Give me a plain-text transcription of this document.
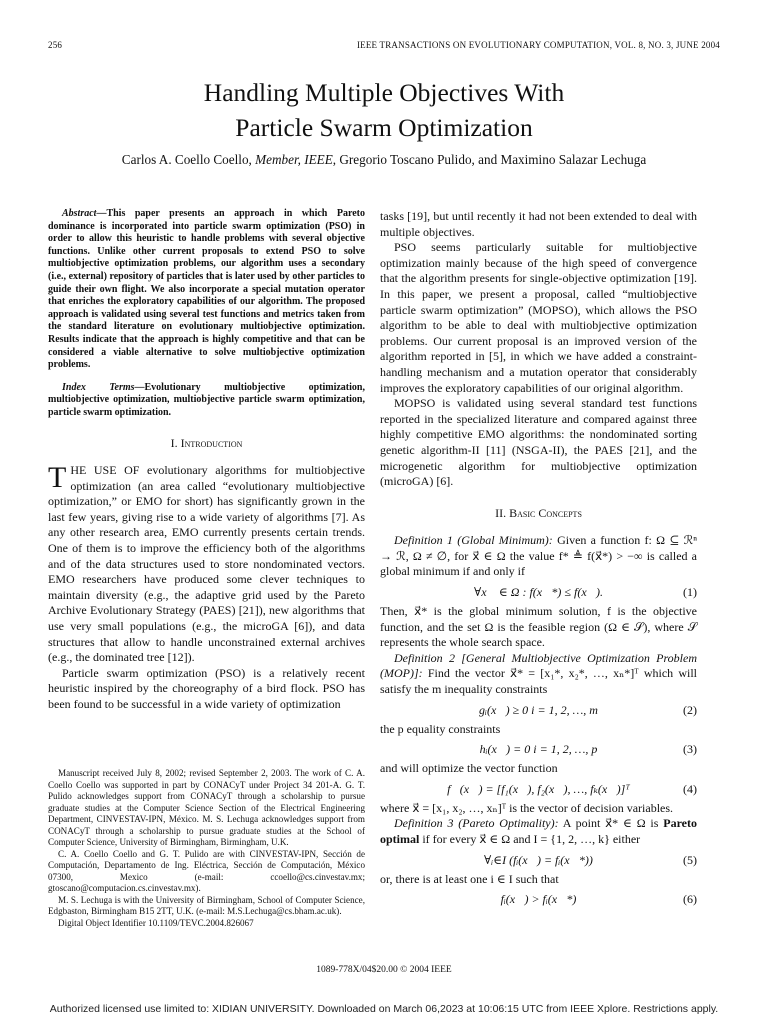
256	IEEE TRANSACTIONS ON EVOLUTIONARY COMPUTATION, VOL. 8, NO. 3, JUNE 2004
Handling Multiple Objectives With
Particle Swarm Optimization
Carlos A. Coello Coello, Member, IEEE, Gregorio Toscano Pulido, and Maximino Salazar Lechuga

Abstract—This paper presents an approach in which Pareto dominance is incorporated into particle swarm optimization (PSO) in order to allow this heuristic to handle problems with several objective functions. Unlike other current proposals to extend PSO to solve multiobjective optimization problems, our algorithm uses a secondary (i.e., external) repository of particles that is later used by other particles to guide their own flight. We also incorporate a special mutation operator that enriches the exploratory capabilities of our algorithm. The proposed approach is validated using several test functions and metrics taken from the standard literature on evolutionary multiobjective optimization. Results indicate that the approach is highly competitive and that can be considered a viable alternative to solve multiobjective optimization problems.

Index Terms—Evolutionary multiobjective optimization, multiobjective optimization, multiobjective particle swarm optimization, particle swarm optimization.

I. Introduction

THE USE OF evolutionary algorithms for multiobjective optimization (an area called “evolutionary multiobjective optimization,” or EMO for short) has significantly grown in the last few years, giving rise to a wide variety of algorithms [7]. As any other research area, EMO currently presents certain trends. One of them is to improve the efficiency both of the algorithms and of the data structures used to store nondominated vectors. EMO researchers have produced some clever techniques to maintain diversity (e.g., the adaptive grid used by the Pareto Archive Evolutionary Strategy (PAES) [21]), new algorithms that use very small populations (e.g., the microGA [6]), and data structures that allow to handle unconstrained external archives (e.g., the dominated tree [12]).

Particle swarm optimization (PSO) is a relatively recent heuristic inspired by the choreography of a bird flock. PSO has been found to be successful in a wide variety of optimization

Manuscript received July 8, 2002; revised September 2, 2003. The work of C. A. Coello Coello was supported in part by CONACyT under Project 34 201-A. G. T. Pulido acknowledges support from CONACyT through a scholarship to pursue graduate studies at the Computer Science Section of the Electrical Engineering Department, CINVESTAV-IPN, México. M. S. Lechuga acknowledges support from CONACyT through a scholarship to pursue graduate studies at the School of Computer Science, University of Birmingham, Birmingham, U.K.

C. A. Coello Coello and G. T. Pulido are with CINVESTAV-IPN, Sección de Computación, Departamento de Ing. Eléctrica, Sección de Computación, México 07300, Mexico (e-mail: ccoello@cs.cinvestav.mx; gtoscano@computacion.cs.cinvestav.mx).

M. S. Lechuga is with the University of Birmingham, School of Computer Science, Edgbaston, Birmingham B15 2TT, U.K. (e-mail: M.S.Lechuga@cs.bham.ac.uk).

Digital Object Identifier 10.1109/TEVC.2004.826067

tasks [19], but until recently it had not been extended to deal with multiple objectives.

PSO seems particularly suitable for multiobjective optimization mainly because of the high speed of convergence that the algorithm presents for single-objective optimization [19]. In this paper, we present a proposal, called “multiobjective particle swarm optimization” (MOPSO), which allows the PSO algorithm to be able to deal with multiobjective optimization problems. Our current proposal is an improved version of the algorithm reported in [5], in which we have added a constraint-handling mechanism and a mutation operator that considerably improves the exploratory capabilities of our original algorithm.

MOPSO is validated using several standard test functions reported in the specialized literature and compared against three highly competitive EMO algorithms: the nondominated sorting genetic algorithm-II [11] (NSGA-II), the PAES [21], and the microgenetic algorithm for multiobjective optimization (microGA) [6].

II. Basic Concepts

Definition 1 (Global Minimum): Given a function f: Ω ⊆ ℛⁿ → ℛ, Ω ≠ ∅, for x⃗ ∈ Ω the value f* ≜ f(x⃗*) > −∞ is called a global minimum if and only if

∀x⃗ ∈ Ω : f(x⃗*) ≤ f(x⃗).	(1)

Then, x⃗* is the global minimum solution, f is the objective function, and the set Ω is the feasible region (Ω ∈ 𝒮), where 𝒮 represents the whole search space.

Definition 2 [General Multiobjective Optimization Problem (MOP)]: Find the vector x⃗* = [x₁*, x₂*, …, xₙ*]ᵀ which will satisfy the m inequality constraints

gᵢ(x⃗) ≥ 0 i = 1, 2, …, m	(2)

the p equality constraints

hᵢ(x⃗) = 0 i = 1, 2, …, p	(3)

and will optimize the vector function

f⃗(x⃗) = [f₁(x⃗), f₂(x⃗), …, fₖ(x⃗)]ᵀ	(4)

where x⃗ = [x₁, x₂, …, xₙ]ᵀ is the vector of decision variables.

Definition 3 (Pareto Optimality): A point x⃗* ∈ Ω is Pareto optimal if for every x⃗ ∈ Ω and I = {1, 2, …, k} either

∀ᵢ∈I (fᵢ(x⃗) = fᵢ(x⃗*))	(5)

or, there is at least one i ∈ I such that

fᵢ(x⃗) > fᵢ(x⃗*)	(6)
1089-778X/04$20.00 © 2004 IEEE
Authorized licensed use limited to: XIDIAN UNIVERSITY. Downloaded on March 06,2023 at 10:06:15 UTC from IEEE Xplore. Restrictions apply.
